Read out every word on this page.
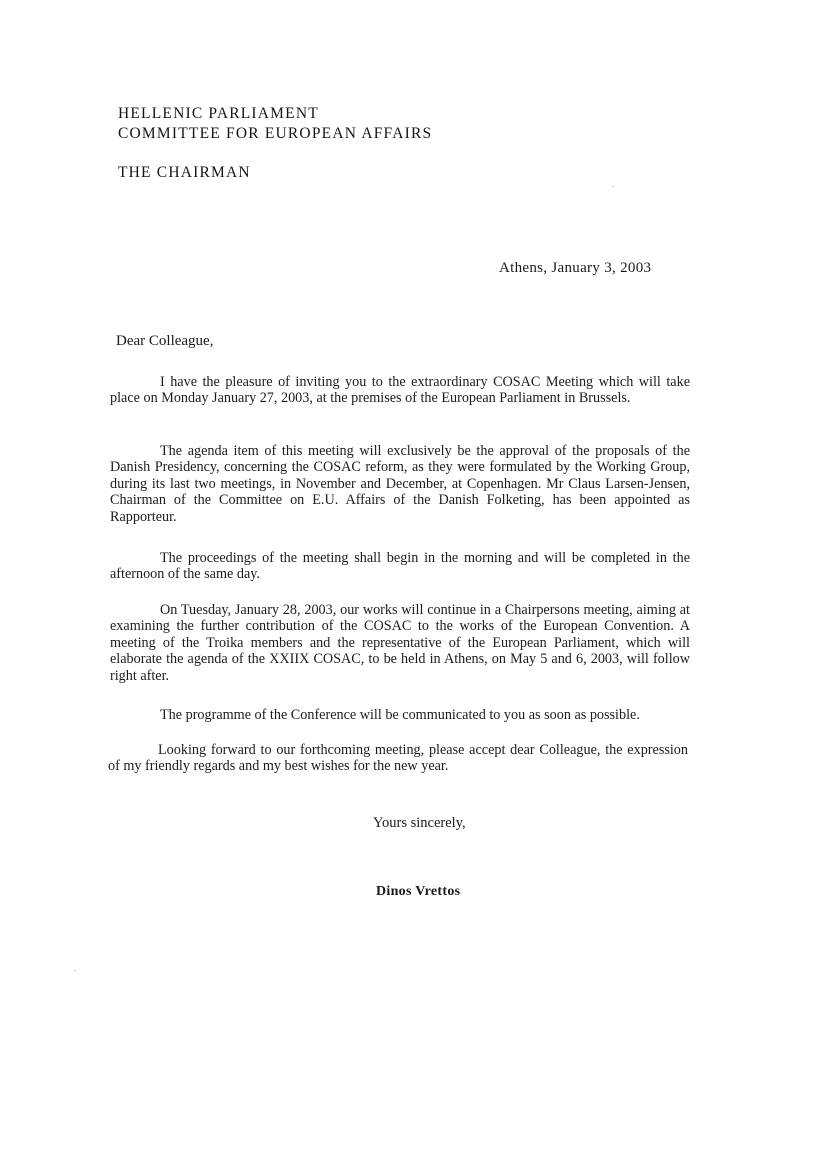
HELLENIC PARLIAMENT
COMMITTEE FOR EUROPEAN AFFAIRS
THE CHAIRMAN
Athens, January 3, 2003
Dear Colleague,

I have the pleasure of inviting you to the extraordinary COSAC Meeting which will take place on Monday January 27, 2003, at the premises of the European Parliament in Brussels.

The agenda item of this meeting will exclusively be the approval of the proposals of the Danish Presidency, concerning the COSAC reform, as they were formulated by the Working Group, during its last two meetings, in November and December, at Copenhagen. Mr Claus Larsen-Jensen, Chairman of the Committee on E.U. Affairs of the Danish Folketing, has been appointed as Rapporteur.

The proceedings of the meeting shall begin in the morning and will be completed in the afternoon of the same day.

On Tuesday, January 28, 2003, our works will continue in a Chairpersons meeting, aiming at examining the further contribution of the COSAC to the works of the European Convention. A meeting of the Troika members and the representative of the European Parliament, which will elaborate the agenda of the XXIIX COSAC, to be held in Athens, on May 5 and 6, 2003, will follow right after.

The programme of the Conference will be communicated to you as soon as possible.

Looking forward to our forthcoming meeting, please accept dear Colleague, the expression of my friendly regards and my best wishes for the new year.

Yours sincerely,
Dinos Vrettos
